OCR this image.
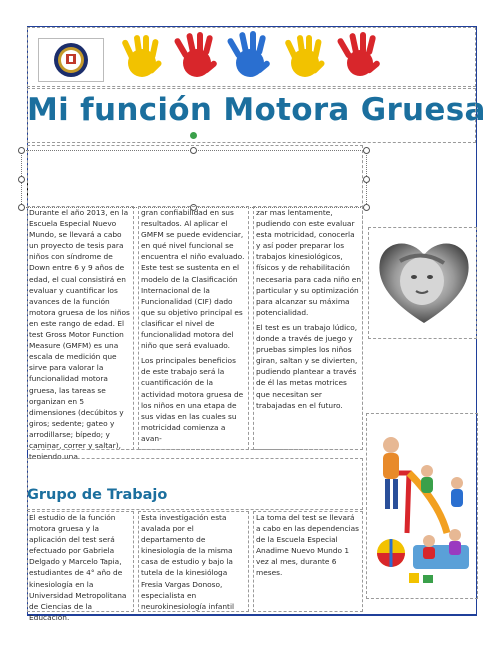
Mi función Motora Gruesa
Durante el año 2013, en la Escuela Especial Nuevo Mundo, se llevará a cabo un proyecto de tesis para niños con síndrome de Down entre 6 y 9 años de edad, el cual consistirá en evaluar y cuantificar los avances de la función motora gruesa de los niños en este rango de edad. El test Gross Motor Function Measure (GMFM) es una escala de medición que sirve para valorar la funcionalidad motora gruesa, las tareas se organizan en 5 dimensiones (decúbitos y giros; sedente; gateo y arrodillarse; bípedo; y caminar, correr y saltar), teniendo una
gran confiabilidad en sus resultados. Al aplicar el GMFM se puede evidenciar, en qué nivel funcional se encuentra el niño evaluado. Este test se sustenta en el modelo de la Clasificación Internacional de la Funcionalidad (CIF) dado que su objetivo principal es clasificar el nivel de funcionalidad motora del niño que será evaluado.
Los principales beneficios de este trabajo será la cuantificación de la actividad motora gruesa de los niños en una etapa de sus vidas en las cuales su motricidad comienza a avan-
zar mas lentamente, pudiendo con este evaluar esta motricidad, conocerla y así poder preparar los trabajos kinesiológicos, físicos y de rehabilitación necesaria para cada niño en particular y su optimización para alcanzar su máxima potencialidad.
El test es un trabajo lúdico, donde a través de juego y pruebas simples los niños giran, saltan y se divierten, pudiendo plantear a través de él las metas motrices que necesitan ser trabajadas en el futuro.
Grupo de Trabajo
El estudio de la función motora gruesa y la aplicación del test será efectuado por Gabriela Delgado y Marcelo Tapia, estudiantes de 4° año de kinesiología en la Universidad Metropolitana de Ciencias de la Educación.
Esta investigación esta avalada por el departamento de kinesiología de la misma casa de estudio y bajo la tutela de la kinesióloga Fresia Vargas Donoso, especialista en neurokinesiología infantil
La toma del test se llevará a cabo en las dependencias de la Escuela Especial Anadime Nuevo Mundo 1 vez al mes, durante 6 meses.
